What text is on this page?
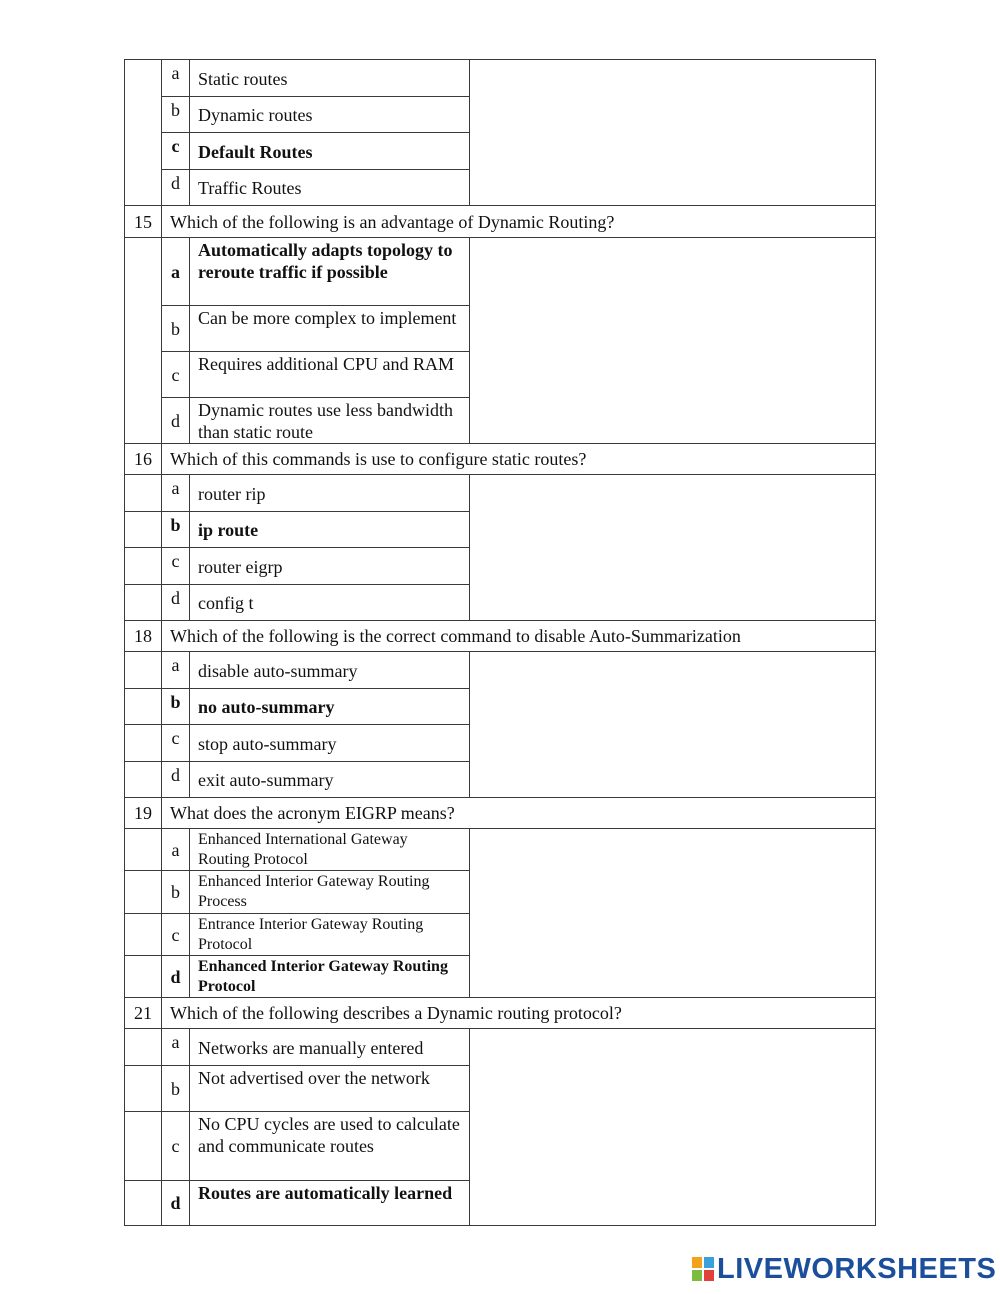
	a	Static routes	
	b	Dynamic routes	
	c	Default Routes	
	d	Traffic Routes	
15	Which of the following is an advantage of Dynamic Routing?		
	a	Automatically adapts topology to reroute traffic if possible	
	b	Can be more complex to implement	
	c	Requires additional CPU and RAM	
	d	Dynamic routes use less bandwidth than static route	
16	Which of this commands is use to configure static routes?		
	a	router rip	
	b	ip route	
	c	router eigrp	
	d	config t	
18	Which of the following is the correct command to disable Auto-Summarization		
	a	disable auto-summary	
	b	no auto-summary	
	c	stop auto-summary	
	d	exit auto-summary	
19	What does the acronym EIGRP means?		
	a	Enhanced International Gateway Routing Protocol	
	b	Enhanced Interior Gateway Routing Process	
	c	Entrance Interior Gateway Routing Protocol	
	d	Enhanced Interior Gateway Routing Protocol	
21	Which of the following describes a Dynamic routing protocol?		
	a	Networks are manually entered	
	b	Not advertised over the network	
	c	No CPU cycles are used to calculate and communicate routes	
	d	Routes are automatically learned	
LIVEWORKSHEETS
